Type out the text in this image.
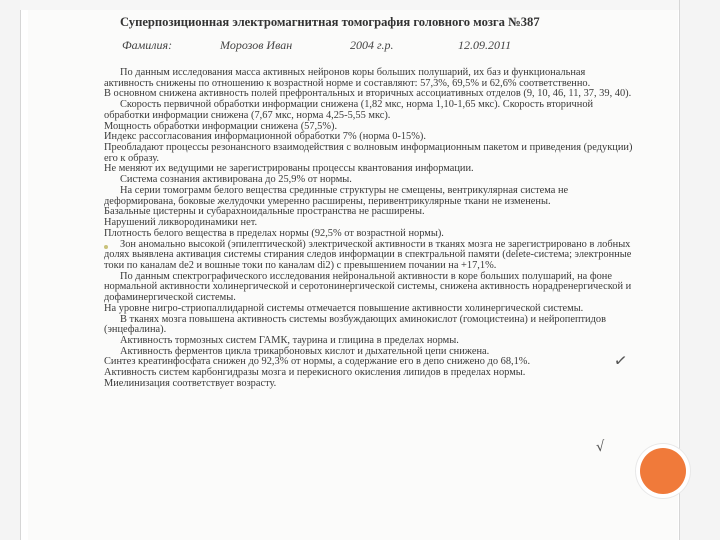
Суперпозиционная электромагнитная томография головного мозга №387
Фамилия:	Морозов Иван	2004 г.р.	12.09.2011

По данным исследования масса активных нейронов коры больших полушарий, их баз и функциональная активность снижены по отношению к возрастной норме и составляют: 57,3%, 69,5% и 62,6% соответственно.

В основном снижена активность полей префронтальных и вторичных ассоциативных отделов (9, 10, 46, 11, 37, 39, 40).

Скорость первичной обработки информации снижена (1,82 мкс, норма 1,10-1,65 мкс). Скорость вторичной обработки информации снижена (7,67 мкс, норма 4,25-5,55 мкс).

Мощность обработки информации снижена (57,5%).

Индекс рассогласования информационной обработки 7% (норма 0-15%).

Преобладают процессы резонансного взаимодействия с волновым информационным пакетом и приведения (редукции) его к образу.

Не меняют их ведущими не зарегистрированы процессы квантования информации.

Система сознания активирована до 25,9% от нормы.

На серии томограмм белого вещества срединные структуры не смещены, вентрикулярная система не деформирована, боковые желудочки умеренно расширены, перивентрикулярные ткани не изменены.

Базальные цистерны и субарахноидальные пространства не расширены.

Нарушений ликвородинамики нет.

Плотность белого вещества в пределах нормы (92,5% от возрастной нормы).

Зон аномально высокой (эпилептической) электрической активности в тканях мозга не зарегистрировано в лобных долях выявлена активация системы стирания следов информации в спектральной памяти (delete-система; электронные токи по каналам de2 и вошные токи по каналам di2) с превышением почании на +17,1%.

По данным спектрографического исследования нейрональной активности в коре больших полушарий, на фоне нормальной активности холинергической и серотонинергической системы, снижена активность норадренергической и дофаминергической системы.

На уровне нигро-стриопаллидарной системы отмечается повышение активности холинергической системы.

В тканях мозга повышена активность системы возбуждающих аминокислот (гомоцистеина) и нейропептидов (энцефалина).

Активность тормозных систем ГАМК, таурина и глицина в пределах нормы.

Активность ферментов цикла трикарбоновых кислот и дыхательной цепи снижена.

Синтез креатинфосфата снижен до 92,3% от нормы, а содержание его в депо снижено до 68,1%.

Активность систем карбонгидразы мозга и перекисного окисления липидов в пределах нормы.

Миелинизация соответствует возрасту.

✓
√
